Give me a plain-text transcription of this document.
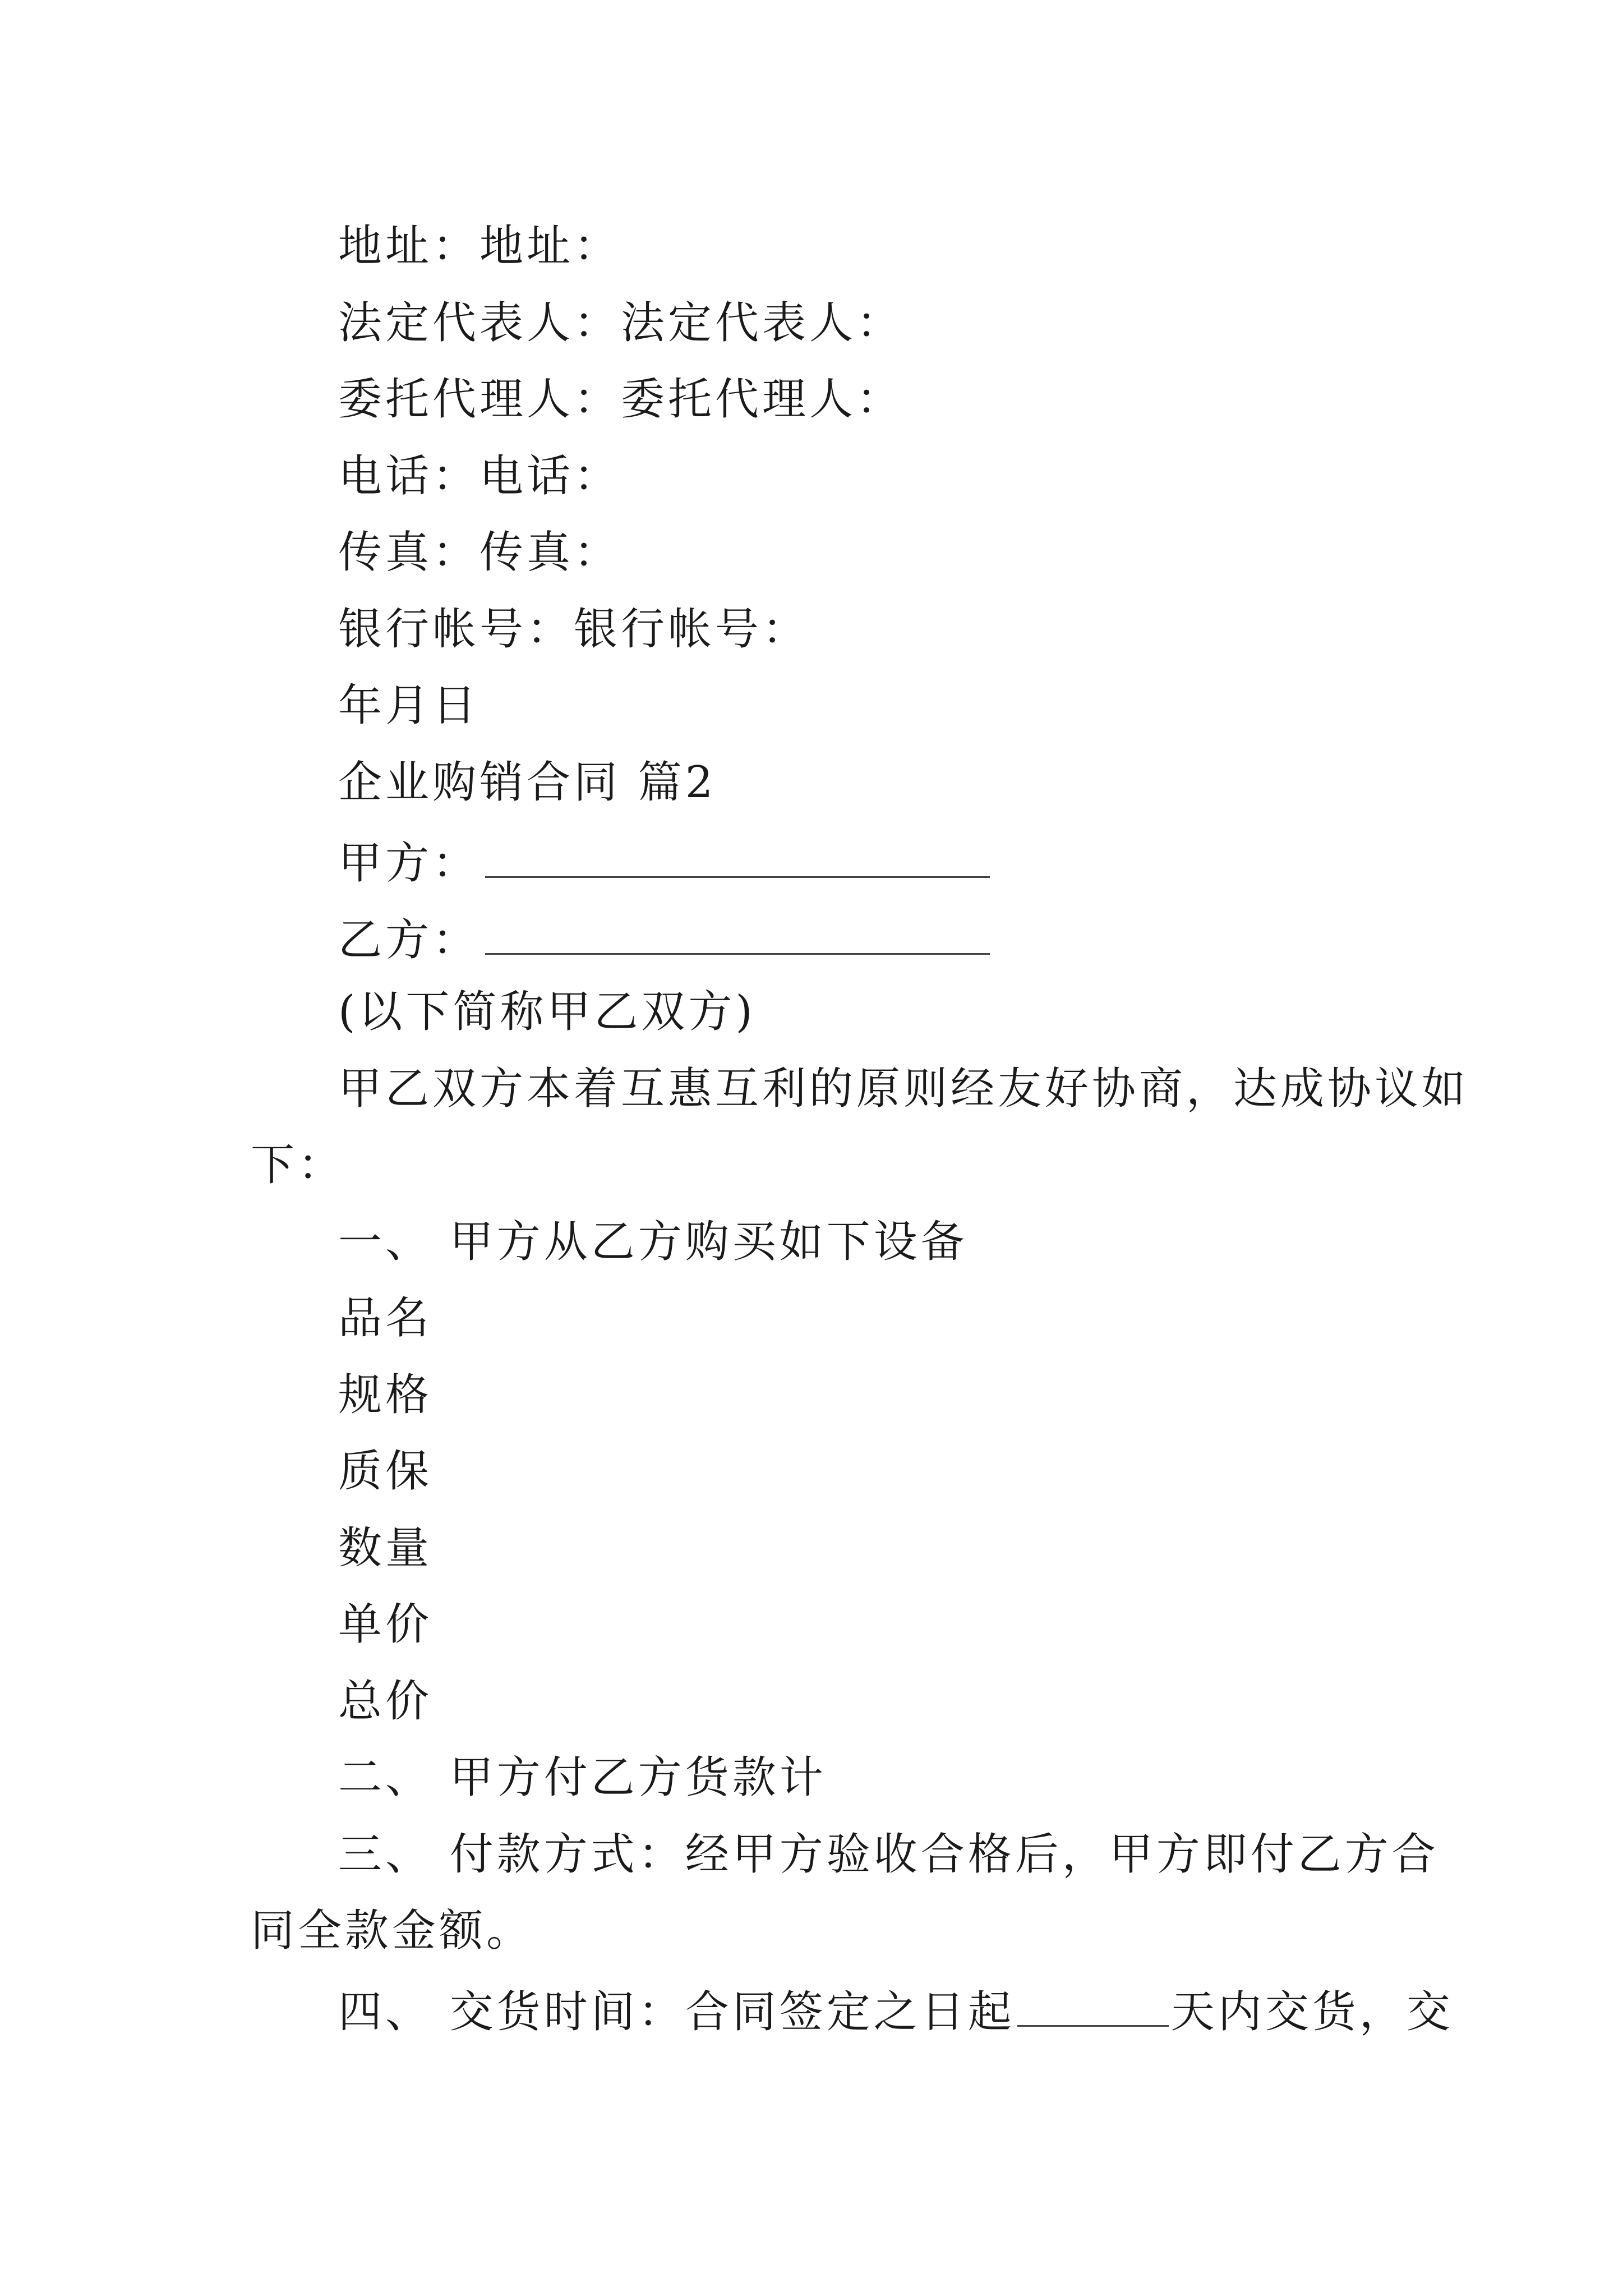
地址：地址：
法定代表人：法定代表人：
委托代理人：委托代理人：
电话：电话：
传真：传真：
银行帐号：银行帐号：
年月日
企业购销合同 篇2
甲方：
乙方：
(以下简称甲乙双方)
甲乙双方本着互惠互利的原则经友好协商，达成协议如
下：
一、 甲方从乙方购买如下设备
品名
规格
质保
数量
单价
总价
二、 甲方付乙方货款计
三、 付款方式：经甲方验收合格后，甲方即付乙方合
同全款金额。
四、 交货时间：合同签定之日起	天内交货，交
